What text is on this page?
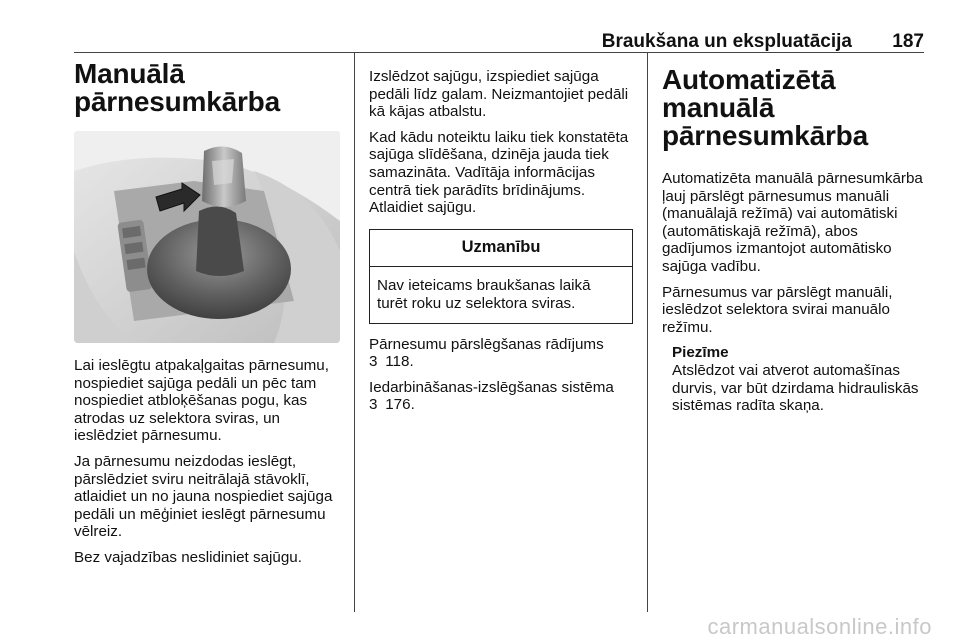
Braukšana un ekspluatācija 187
Manuālā
pārnesumkārba

Lai ieslēgtu atpakaļgaitas pārnesumu, nospiediet sajūga pedāli un pēc tam nospiediet atbloķēšanas pogu, kas atrodas uz selektora sviras, un ieslēdziet pārnesumu.

Ja pārnesumu neizdodas ieslēgt, pārslēdziet sviru neitrālajā stāvoklī, atlaidiet un no jauna nospiediet sajūga pedāli un mēģiniet ieslēgt pārnesumu vēlreiz.

Bez vajadzības neslidiniet sajūgu.

Izslēdzot sajūgu, izspiediet sajūga pedāli līdz galam. Neizmantojiet pedāli kā kājas atbalstu.

Kad kādu noteiktu laiku tiek konstatēta sajūga slīdēšana, dzinēja jauda tiek samazināta. Vadītāja informācijas centrā tiek parādīts brīdinājums. Atlaidiet sajūgu.

Uzmanību
Nav ieteicams braukšanas laikā turēt roku uz selektora sviras.

Pārnesumu pārslēgšanas rādījums
3 118.

Iedarbināšanas-izslēgšanas sistēma
3 176.

Automatizētā manuālā
pārnesumkārba

Automatizēta manuālā pārnesumkārba ļauj pārslēgt pārnesumus manuāli (manuālajā režīmā) vai automātiski (automātiskajā režīmā), abos gadījumos izmantojot automātisko sajūga vadību.

Pārnesumus var pārslēgt manuāli, ieslēdzot selektora svirai manuālo režīmu.

Piezīme
Atslēdzot vai atverot automašīnas durvis, var būt dzirdama hidrauliskās sistēmas radīta skaņa.
carmanualsonline.info
